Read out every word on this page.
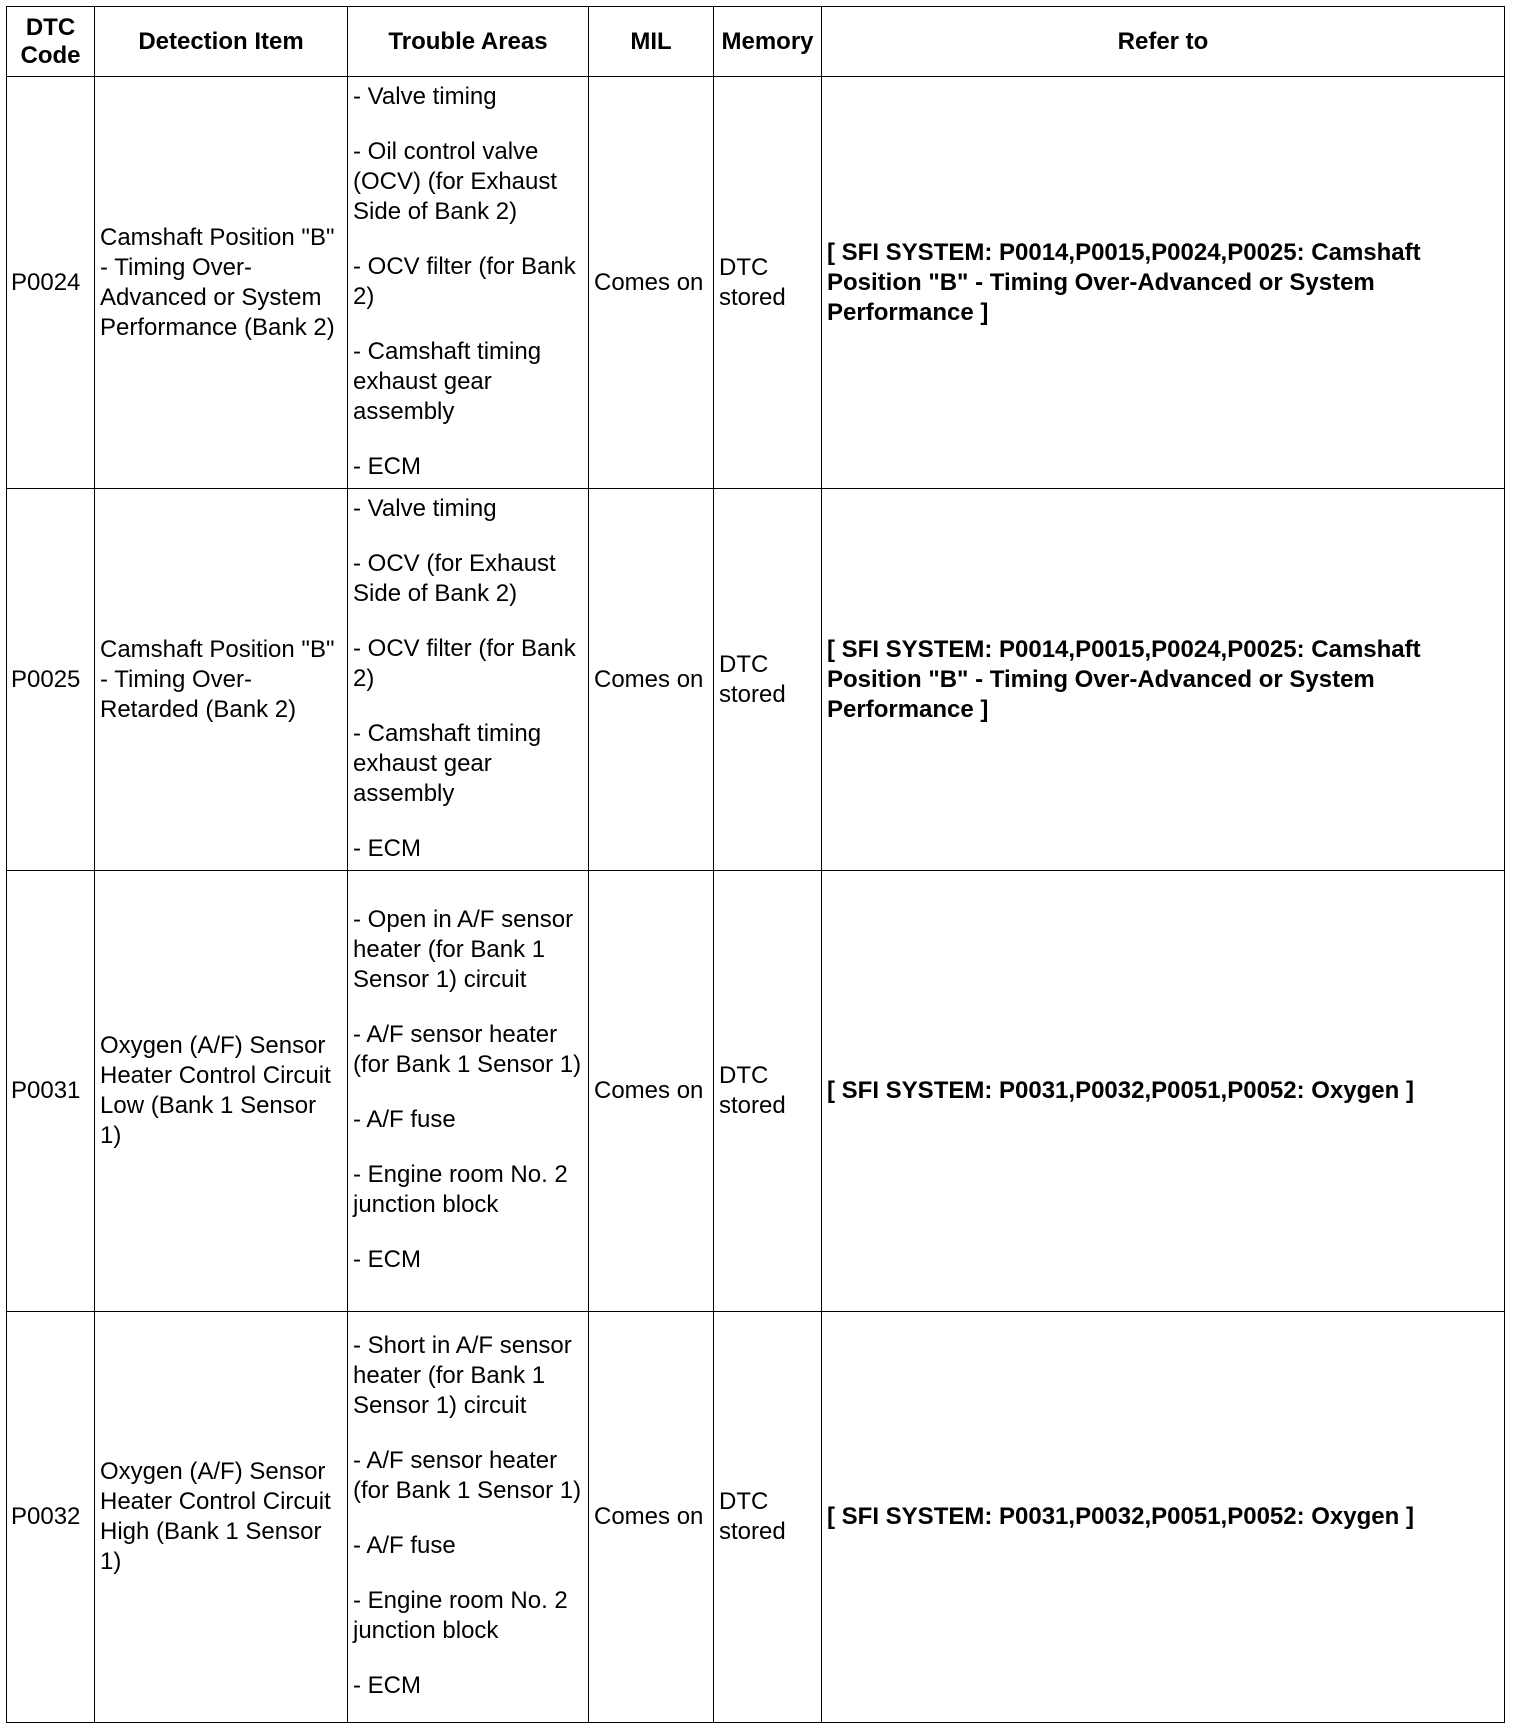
DTC
Code	Detection Item	Trouble Areas	MIL	Memory	Refer to
P0024	Camshaft Position "B" - Timing Over-Advanced or System Performance (Bank 2)	- Valve timing
- Oil control valve (OCV) (for Exhaust Side of Bank 2)
- OCV filter (for Bank 2)
- Camshaft timing exhaust gear assembly
- ECM	Comes on	DTC stored	[ SFI SYSTEM: P0014,P0015,P0024,P0025: Camshaft Position "B" - Timing Over-Advanced or System Performance ]
P0025	Camshaft Position "B" - Timing Over-Retarded (Bank 2)	- Valve timing
- OCV (for Exhaust Side of Bank 2)
- OCV filter (for Bank 2)
- Camshaft timing exhaust gear assembly
- ECM	Comes on	DTC stored	[ SFI SYSTEM: P0014,P0015,P0024,P0025: Camshaft Position "B" - Timing Over-Advanced or System Performance ]
P0031	Oxygen (A/F) Sensor Heater Control Circuit Low (Bank 1 Sensor 1)	- Open in A/F sensor heater (for Bank 1 Sensor 1) circuit
- A/F sensor heater (for Bank 1 Sensor 1)
- A/F fuse
- Engine room No. 2 junction block
- ECM	Comes on	DTC stored	[ SFI SYSTEM: P0031,P0032,P0051,P0052: Oxygen ]
P0032	Oxygen (A/F) Sensor Heater Control Circuit High (Bank 1 Sensor 1)	- Short in A/F sensor heater (for Bank 1 Sensor 1) circuit
- A/F sensor heater (for Bank 1 Sensor 1)
- A/F fuse
- Engine room No. 2 junction block
- ECM	Comes on	DTC stored	[ SFI SYSTEM: P0031,P0032,P0051,P0052: Oxygen ]
